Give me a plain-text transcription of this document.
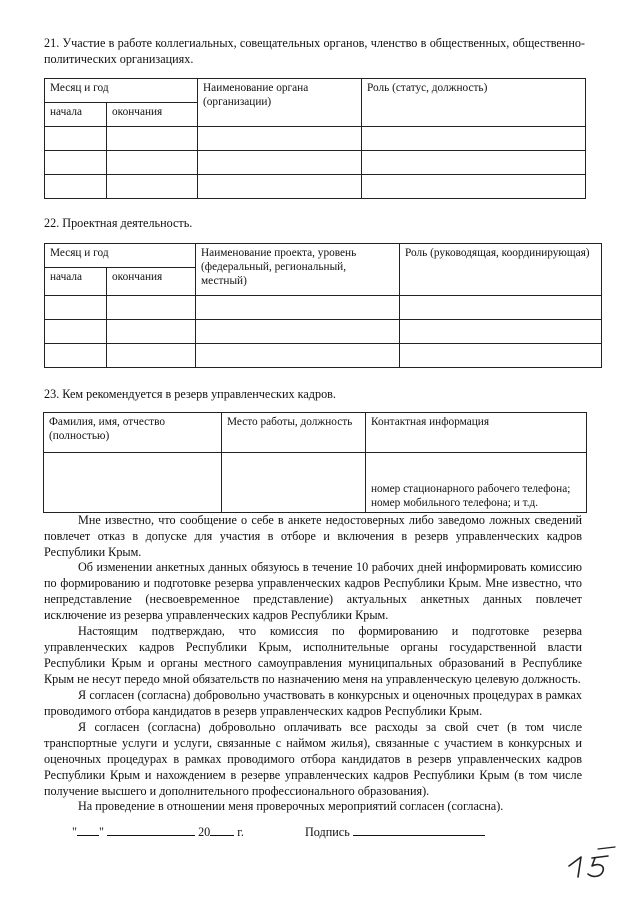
21. Участие в работе коллегиальных, совещательных органов, членство в общественных, общественно-политических организациях.
Месяц и год		Наименование органа (организации)	Роль (статус, должность)
начала	окончания		

22. Проектная деятельность.
Месяц и год		Наименование проекта, уровень (федеральный, региональный, местный)	Роль (руководящая, координирующая)
начала	окончания		

23. Кем рекомендуется в резерв управленческих кадров.
Фамилия, имя, отчество (полностью)	Место работы, должность	Контактная информация
		номер стационарного рабочего телефона; номер мобильного телефона; и т.д.
Мне известно, что сообщение о себе в анкете недостоверных либо заведомо ложных сведений повлечет отказ в допуске для участия в отборе и включения в резерв управленческих кадров Республики Крым.
Об изменении анкетных данных обязуюсь в течение 10 рабочих дней информировать комиссию по формированию и подготовке резерва управленческих кадров Республики Крым. Мне известно, что непредставление (несвоевременное представление) актуальных анкетных данных повлечет исключение из резерва управленческих кадров Республики Крым.
Настоящим подтверждаю, что комиссия по формированию и подготовке резерва управленческих кадров Республики Крым, исполнительные органы государственной власти Республики Крым и органы местного самоуправления муниципальных образований в Республике Крым не несут передо мной обязательств по назначению меня на управленческую целевую должность.
Я согласен (согласна) добровольно участвовать в конкурсных и оценочных процедурах в рамках проводимого отбора кандидатов в резерв управленческих кадров Республики Крым.
Я согласен (согласна) добровольно оплачивать все расходы за свой счет (в том числе транспортные услуги и услуги, связанные с наймом жилья), связанные с участием в конкурсных и оценочных процедурах в рамках проводимого отбора кандидатов в резерв управленческих кадров Республики Крым и нахождением в резерве управленческих кадров Республики Крым (в том числе получение высшего и дополнительного профессионального образования).
На проведение в отношении меня проверочных мероприятий согласен (согласна).
" "	20 г.	Подпись
